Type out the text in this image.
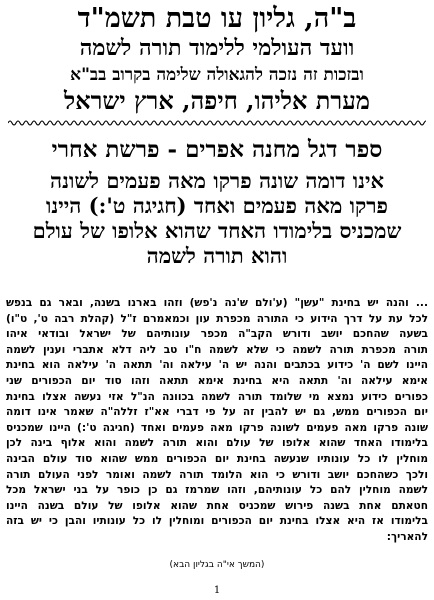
ב"ה, גליון עו טבת תשמ"ד
וועד העולמי ללימוד תורה לשמה
ובזכות זה נזכה להגאולה שלימה בקרוב בב"א
מערת אליהו, חיפה, ארץ ישראל
ספר דגל מחנה אפרים - פרשת אחרי
אינו דומה שונה פרקו מאה פעמים לשונה
פרקו מאה פעמים ואחד (חגיגה ט':) היינו
שמכניס בלימודו האחד שהוא אלופו של עולם
והוא תורה לשמה
... והנה יש בחינת "עשן" (ע'ולם ש'נה נ'פש) וזהו בארנו בשנה, ובאר גם בנפש
לכל עת על דרך הידוע כי התורה מכפרת עון וכמאמרם ז"ל (קהלת רבה ט', ט"ו)
בשעה שהחכם יושב ודורש הקב"ה מכפר עונותיהם של ישראל ובודאי איהו
תורה מכפרת תורה לשמה כי שלא לשמה ח"ו טב ליה דלא אתברי וענין לשמה
היינו לשם ה' כידוע בכתבים והנה יש ה' עילאה וה' תתאה ה' עילאה הוא בחינת
אימא עילאה וה' תתאה היא בחינת אימא תתאה וזהו סוד יום הכפורים שני
כפורים כידוע נמצא מי שלומד תורה לשמה בכוונה הנ"ל אזי נעשה אצלו בחינת
יום הכפורים ממש, גם יש להבין זה על פי דברי אא"ז זללה"ה שאמר אינו דומה
שונה פרקו מאה פעמים לשונה פרקו מאה פעמים ואחד (חגיגה ט':) היינו שמכניס
בלימודו האחד שהוא אלופו של עולם והוא תורה לשמה והוא אלוף בינה לכן
מוחלין לו כל עונותיו שנעשה בחינת יום הכפורים ממש שהוא סוד עולם הבינה
ולכך כשהחכם יושב ודורש כי הוא הלומד תורה לשמה ואומר לפני העולם תורה
לשמה מוחלין להם כל עונותיהם, וזהו שמרמז גם כן כופר על בני ישראל מכל
חטאתם אחת בשנה פירוש שמכניס אחת שהוא אלופו של עולם בשנה היינו
בלימודו אז היא אצלו בחינת יום הכפורים ומוחלין לו כל עונותיו והבן כי יש בזה
להאריך:
(המשך אי"ה בגליון הבא)
1
